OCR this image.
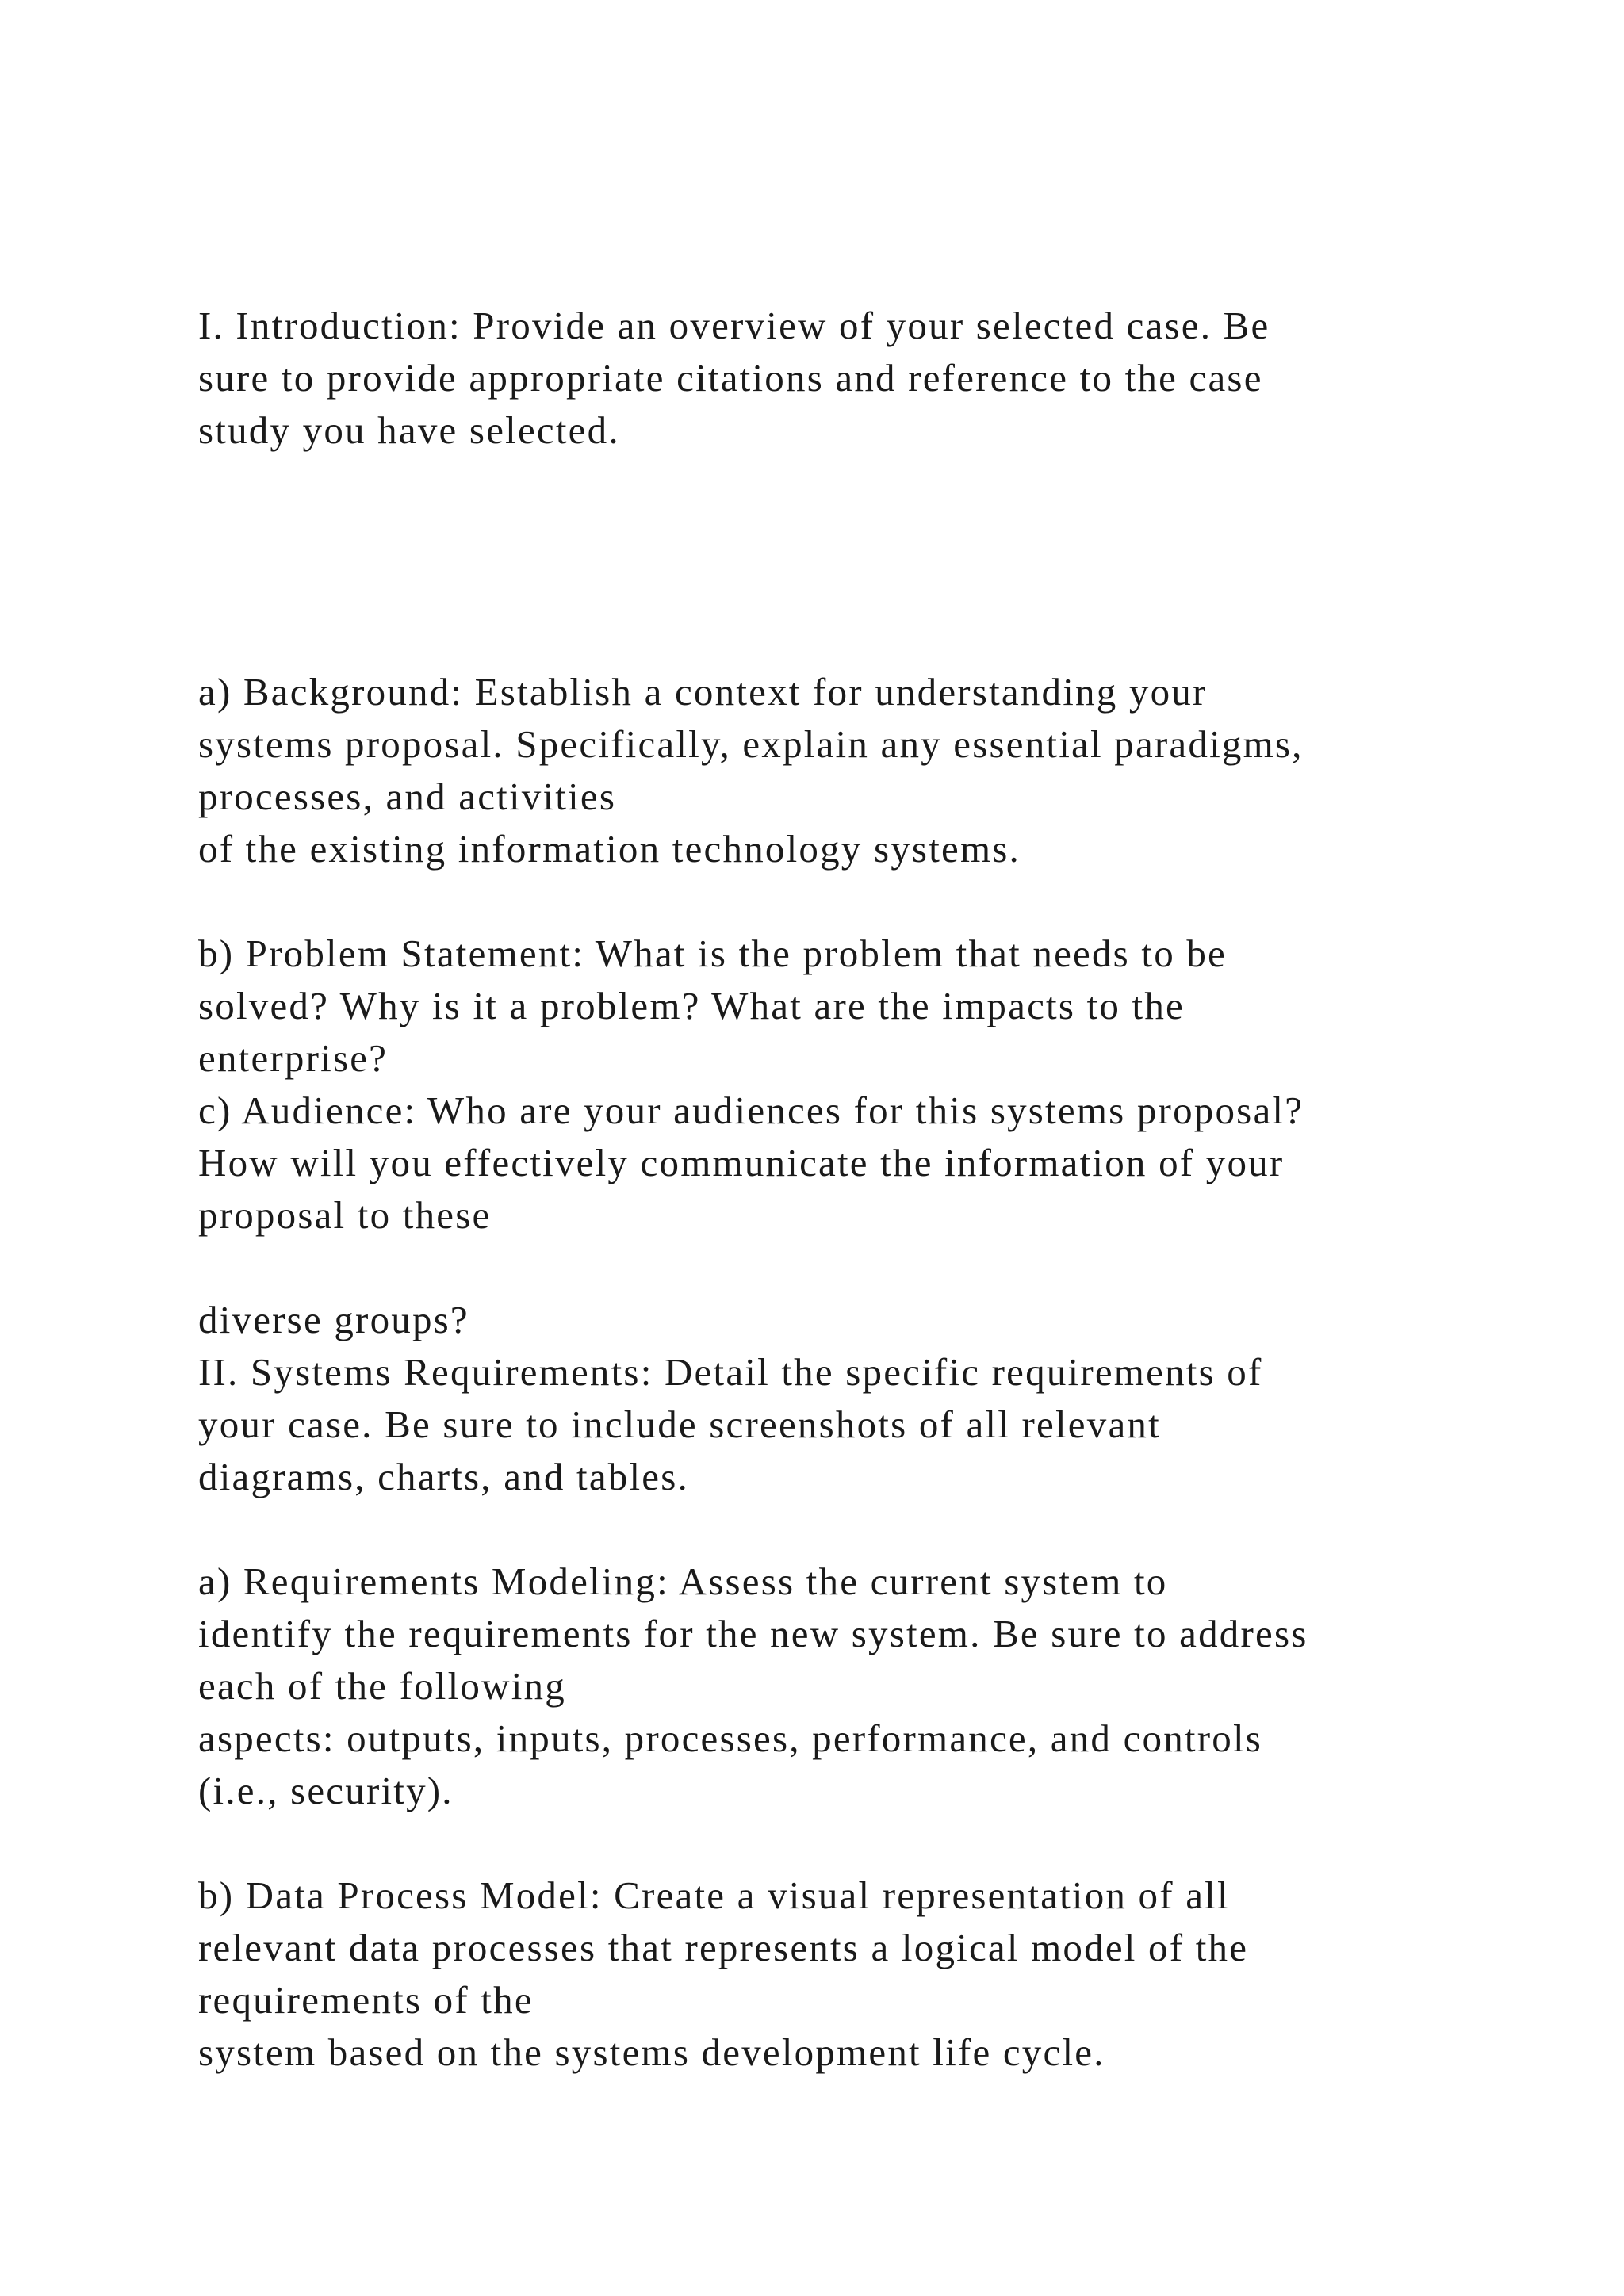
I. Introduction: Provide an overview of your selected case. Be
sure to provide appropriate citations and reference to the case
study you have selected.

a) Background: Establish a context for understanding your
systems proposal. Specifically, explain any essential paradigms,
processes, and activities
of the existing information technology systems.

b) Problem Statement: What is the problem that needs to be
solved? Why is it a problem? What are the impacts to the
enterprise?
c) Audience: Who are your audiences for this systems proposal?
How will you effectively communicate the information of your
proposal to these

diverse groups?
II. Systems Requirements: Detail the specific requirements of
your case. Be sure to include screenshots of all relevant
diagrams, charts, and tables.

a) Requirements Modeling: Assess the current system to
identify the requirements for the new system. Be sure to address
each of the following
aspects: outputs, inputs, processes, performance, and controls
(i.e., security).

b) Data Process Model: Create a visual representation of all
relevant data processes that represents a logical model of the
requirements of the
system based on the systems development life cycle.
